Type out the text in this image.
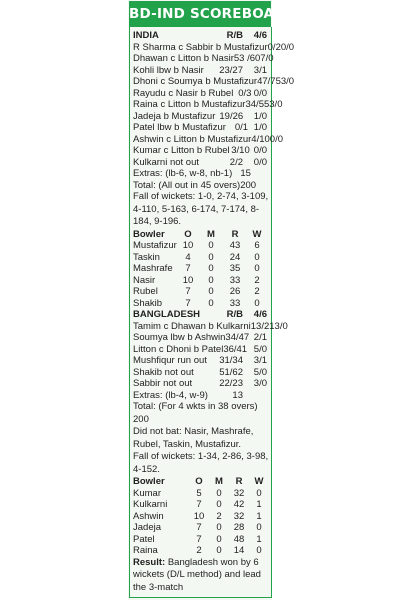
BD-IND SCOREBOARD
INDIA	R/B	4/6
R Sharma c Sabbir b Mustafizur 0/2 0/0
Dhawan c Litton b Nasir 53 /60 7/0
Kohli lbw b Nasir	23/27	3/1
Dhoni c Soumya b Mustafizur 47/75 3/0
Rayudu c Nasir b Rubel 0/3 0/0
Raina c Litton b Mustafizur 34/55 3/0
Jadeja b Mustafizur 19/26	1/0
Patel lbw b Mustafizur 0/1 1/0
Ashwin c Litton b Mustafizur 4/10 0/0
Kumar c Litton b Rubel 3/10 0/0
Kulkarni not out	2/2	0/0
Extras: (lb-6, w-8, nb-1) 15
Total: (All out in 45 overs) 200
Fall of wickets: 1-0, 2-74, 3-109, 4-110, 5-163, 6-174, 7-174, 8-184, 9-196.
Bowler	O	M	R	W
Mustafizur 10	0	43	6
Taskin	4	0	24	0
Mashrafe	7	0	35	0
Nasir	10	0	33	2
Rubel	7	0	26	2
Shakib	7	0	33	0
BANGLADESH	R/B	4/6
Tamim c Dhawan b Kulkarni 13/21 3/0
Soumya lbw b Ashwin 34/47 2/1
Litton c Dhoni b Patel 36/41 5/0
Mushfiqur run out	31/34	3/1
Shakib not out	51/62	5/0
Sabbir not out	22/23	3/0
Extras: (lb-4, w-9)	13
Total: (For 4 wkts in 38 overs) 200
Did not bat: Nasir, Mashrafe, Rubel, Taskin, Mustafizur.
Fall of wickets: 1-34, 2-86, 3-98, 4-152.
Bowler	O	M	R	W
Kumar	5	0	32	0
Kulkarni	7	0	42	1
Ashwin	10	2	32	1
Jadeja	7	0	28	0
Patel	7	0	48	1
Raina	2	0	14	0
Result: Bangladesh won by 6 wickets (D/L method) and lead the 3-match
